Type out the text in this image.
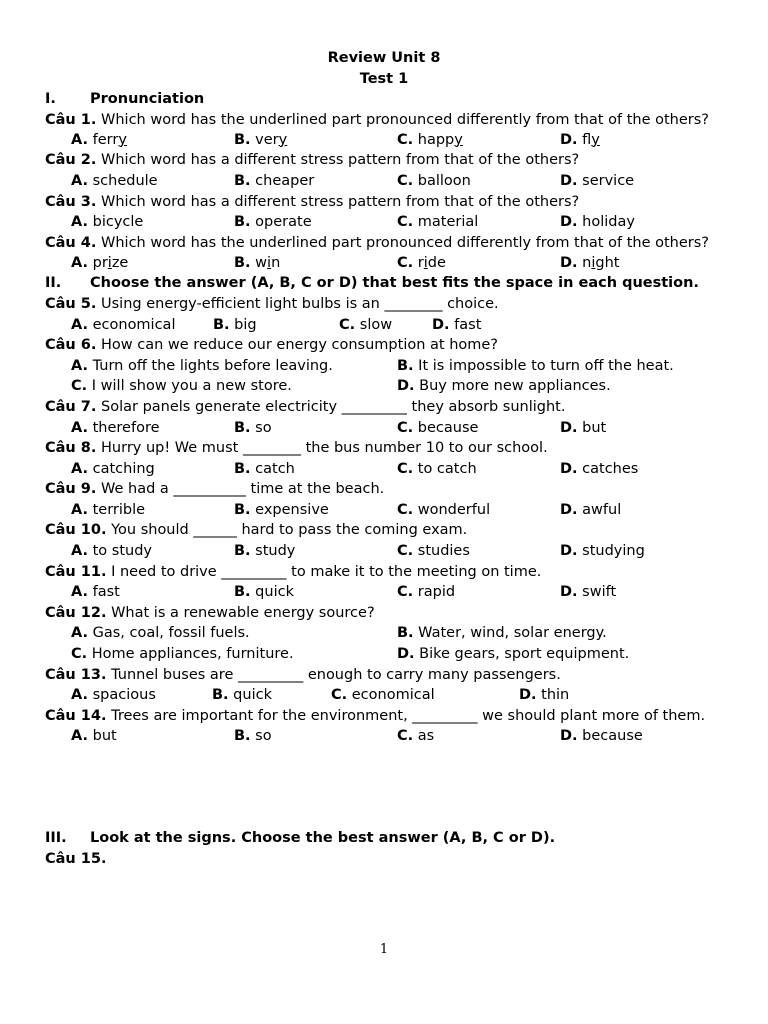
Review Unit 8
Test 1
I.	Pronunciation
Câu 1. Which word has the underlined part pronounced differently from that of the others?
A. ferry	B. very	C. happy	D. fly
Câu 2. Which word has a different stress pattern from that of the others?
A. schedule	B. cheaper	C. balloon	D. service
Câu 3. Which word has a different stress pattern from that of the others?
A. bicycle	B. operate	C. material	D. holiday
Câu 4. Which word has the underlined part pronounced differently from that of the others?
A. prize	B. win	C. ride	D. night
II.	Choose the answer (A, B, C or D) that best fits the space in each question.
Câu 5. Using energy-efficient light bulbs is an ________ choice.
A. economical	B. big	C. slow	D. fast
Câu 6. How can we reduce our energy consumption at home?
A. Turn off the lights before leaving.	B. It is impossible to turn off the heat.
C. I will show you a new store.	D. Buy more new appliances.
Câu 7. Solar panels generate electricity _________ they absorb sunlight.
A. therefore	B. so	C. because	D. but
Câu 8. Hurry up! We must ________ the bus number 10 to our school.
A. catching	B. catch	C. to catch	D. catches
Câu 9. We had a __________ time at the beach.
A. terrible	B. expensive	C. wonderful	D. awful
Câu 10. You should ______ hard to pass the coming exam.
A. to study	B. study	C. studies	D. studying
Câu 11. I need to drive _________ to make it to the meeting on time.
A. fast	B. quick	C. rapid	D. swift
Câu 12. What is a renewable energy source?
A. Gas, coal, fossil fuels.	B. Water, wind, solar energy.
C. Home appliances, furniture.	D. Bike gears, sport equipment.
Câu 13. Tunnel buses are _________ enough to carry many passengers.
A. spacious	B. quick	C. economical	D. thin
Câu 14. Trees are important for the environment, _________ we should plant more of them.
A. but	B. so	C. as	D. because
III.	Look at the signs. Choose the best answer (A, B, C or D).
Câu 15.
1
